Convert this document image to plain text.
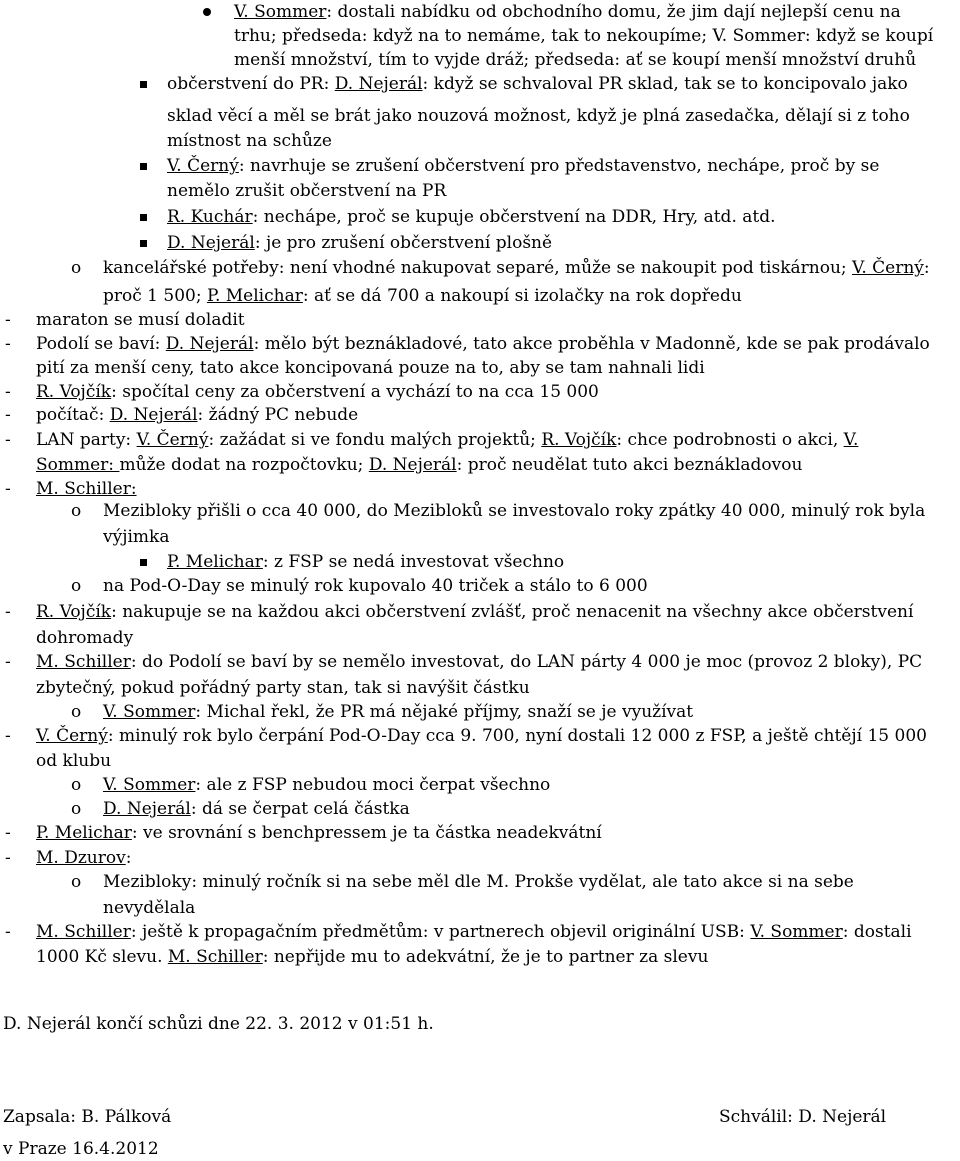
V. Sommer: dostali nabídku od obchodního domu, že jim dají nejlepší cenu na
trhu; předseda: když na to nemáme, tak to nekoupíme; V. Sommer: když se koupí
menší množství, tím to vyjde dráž; předseda: ať se koupí menší množství druhů
občerstvení do PR: D. Nejerál: když se schvaloval PR sklad, tak se to koncipovalo jako
sklad věcí a měl se brát jako nouzová možnost, když je plná zasedačka, dělají si z toho
místnost na schůze
V. Černý: navrhuje se zrušení občerstvení pro představenstvo, nechápe, proč by se
nemělo zrušit občerstvení na PR
R. Kuchár: nechápe, proč se kupuje občerstvení na DDR, Hry, atd. atd.
D. Nejerál: je pro zrušení občerstvení plošně
o kancelářské potřeby: není vhodné nakupovat separé, může se nakoupit pod tiskárnou; V. Černý:
proč 1 500; P. Melichar: ať se dá 700 a nakoupí si izolačky na rok dopředu
- maraton se musí doladit
- Podolí se baví: D. Nejerál: mělo být beznákladové, tato akce proběhla v Madonně, kde se pak prodávalo
pití za menší ceny, tato akce koncipovaná pouze na to, aby se tam nahnali lidi
- R. Vojčík: spočítal ceny za občerstvení a vychází to na cca 15 000
- počítač: D. Nejerál: žádný PC nebude
- LAN party: V. Černý: zažádat si ve fondu malých projektů; R. Vojčík: chce podrobnosti o akci, V.
Sommer: může dodat na rozpočtovku; D. Nejerál: proč neudělat tuto akci beznákladovou
- M. Schiller:
o Mezibloky přišli o cca 40 000, do Mezibloků se investovalo roky zpátky 40 000, minulý rok byla
výjimka
P. Melichar: z FSP se nedá investovat všechno
o na Pod-O-Day se minulý rok kupovalo 40 triček a stálo to 6 000
- R. Vojčík: nakupuje se na každou akci občerstvení zvlášť, proč nenacenit na všechny akce občerstvení
dohromady
- M. Schiller: do Podolí se baví by se nemělo investovat, do LAN párty 4 000 je moc (provoz 2 bloky), PC
zbytečný, pokud pořádný party stan, tak si navýšit částku
o V. Sommer: Michal řekl, že PR má nějaké příjmy, snaží se je využívat
- V. Černý: minulý rok bylo čerpání Pod-O-Day cca 9. 700, nyní dostali 12 000 z FSP, a ještě chtějí 15 000
od klubu
o V. Sommer: ale z FSP nebudou moci čerpat všechno
o D. Nejerál: dá se čerpat celá částka
- P. Melichar: ve srovnání s benchpressem je ta částka neadekvátní
- M. Dzurov:
o Mezibloky: minulý ročník si na sebe měl dle M. Prokše vydělat, ale tato akce si na sebe
nevydělala
- M. Schiller: ještě k propagačním předmětům: v partnerech objevil originální USB: V. Sommer: dostali
1000 Kč slevu. M. Schiller: nepřijde mu to adekvátní, že je to partner za slevu
D. Nejerál končí schůzi dne 22. 3. 2012 v 01:51 h.
Zapsala: B. Pálková	Schválil: D. Nejerál
v Praze 16.4.2012
